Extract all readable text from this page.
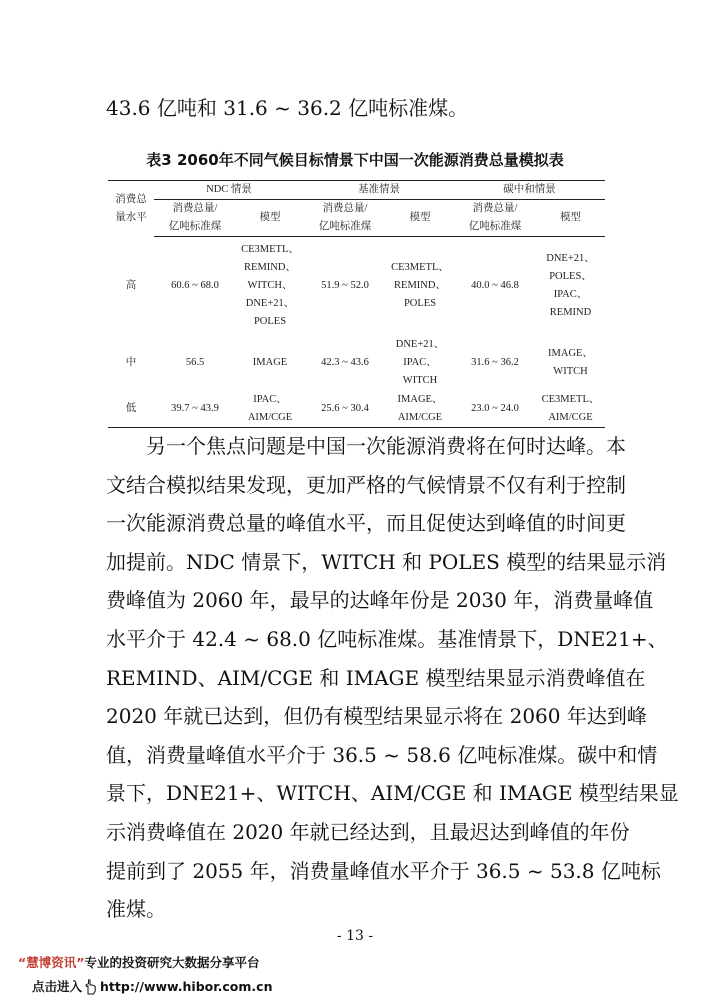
43.6 亿吨和 31.6 ~ 36.2 亿吨标准煤。
表3 2060年不同气候目标情景下中国一次能源消费总量模拟表
消费总
量水平	NDC 情景		基准情景		碳中和情景	

	消费总量/
亿吨标准煤	模型	消费总量/
亿吨标准煤	模型	消费总量/
亿吨标准煤	模型
高	60.6 ~ 68.0	CE3METL、
REMIND、
WITCH、
DNE+21、
POLES	51.9 ~ 52.0	CE3METL、
REMIND、
POLES	40.0 ~ 46.8	DNE+21、
POLES、
IPAC、
REMIND

中	56.5	IMAGE	42.3 ~ 43.6	DNE+21、
IPAC、
WITCH	31.6 ~ 36.2	IMAGE、
WITCH

低	39.7 ~ 43.9	IPAC、
AIM/CGE	25.6 ~ 30.4	IMAGE、
AIM/CGE	23.0 ~ 24.0	CE3METL、
AIM/CGE
另一个焦点问题是中国一次能源消费将在何时达峰。本
文结合模拟结果发现，更加严格的气候情景不仅有利于控制
一次能源消费总量的峰值水平，而且促使达到峰值的时间更
加提前。NDC 情景下，WITCH 和 POLES 模型的结果显示消
费峰值为 2060 年，最早的达峰年份是 2030 年，消费量峰值
水平介于 42.4 ~ 68.0 亿吨标准煤。基准情景下，DNE21+、
REMIND、AIM/CGE 和 IMAGE 模型结果显示消费峰值在
2020 年就已达到，但仍有模型结果显示将在 2060 年达到峰
值，消费量峰值水平介于 36.5 ~ 58.6 亿吨标准煤。碳中和情
景下，DNE21+、WITCH、AIM/CGE 和 IMAGE 模型结果显
示消费峰值在 2020 年就已经达到，且最迟达到峰值的年份
提前到了 2055 年，消费量峰值水平介于 36.5 ~ 53.8 亿吨标
准煤。
- 13 -
“慧博资讯”专业的投资研究大数据分享平台
点击进入 http://www.hibor.com.cn
